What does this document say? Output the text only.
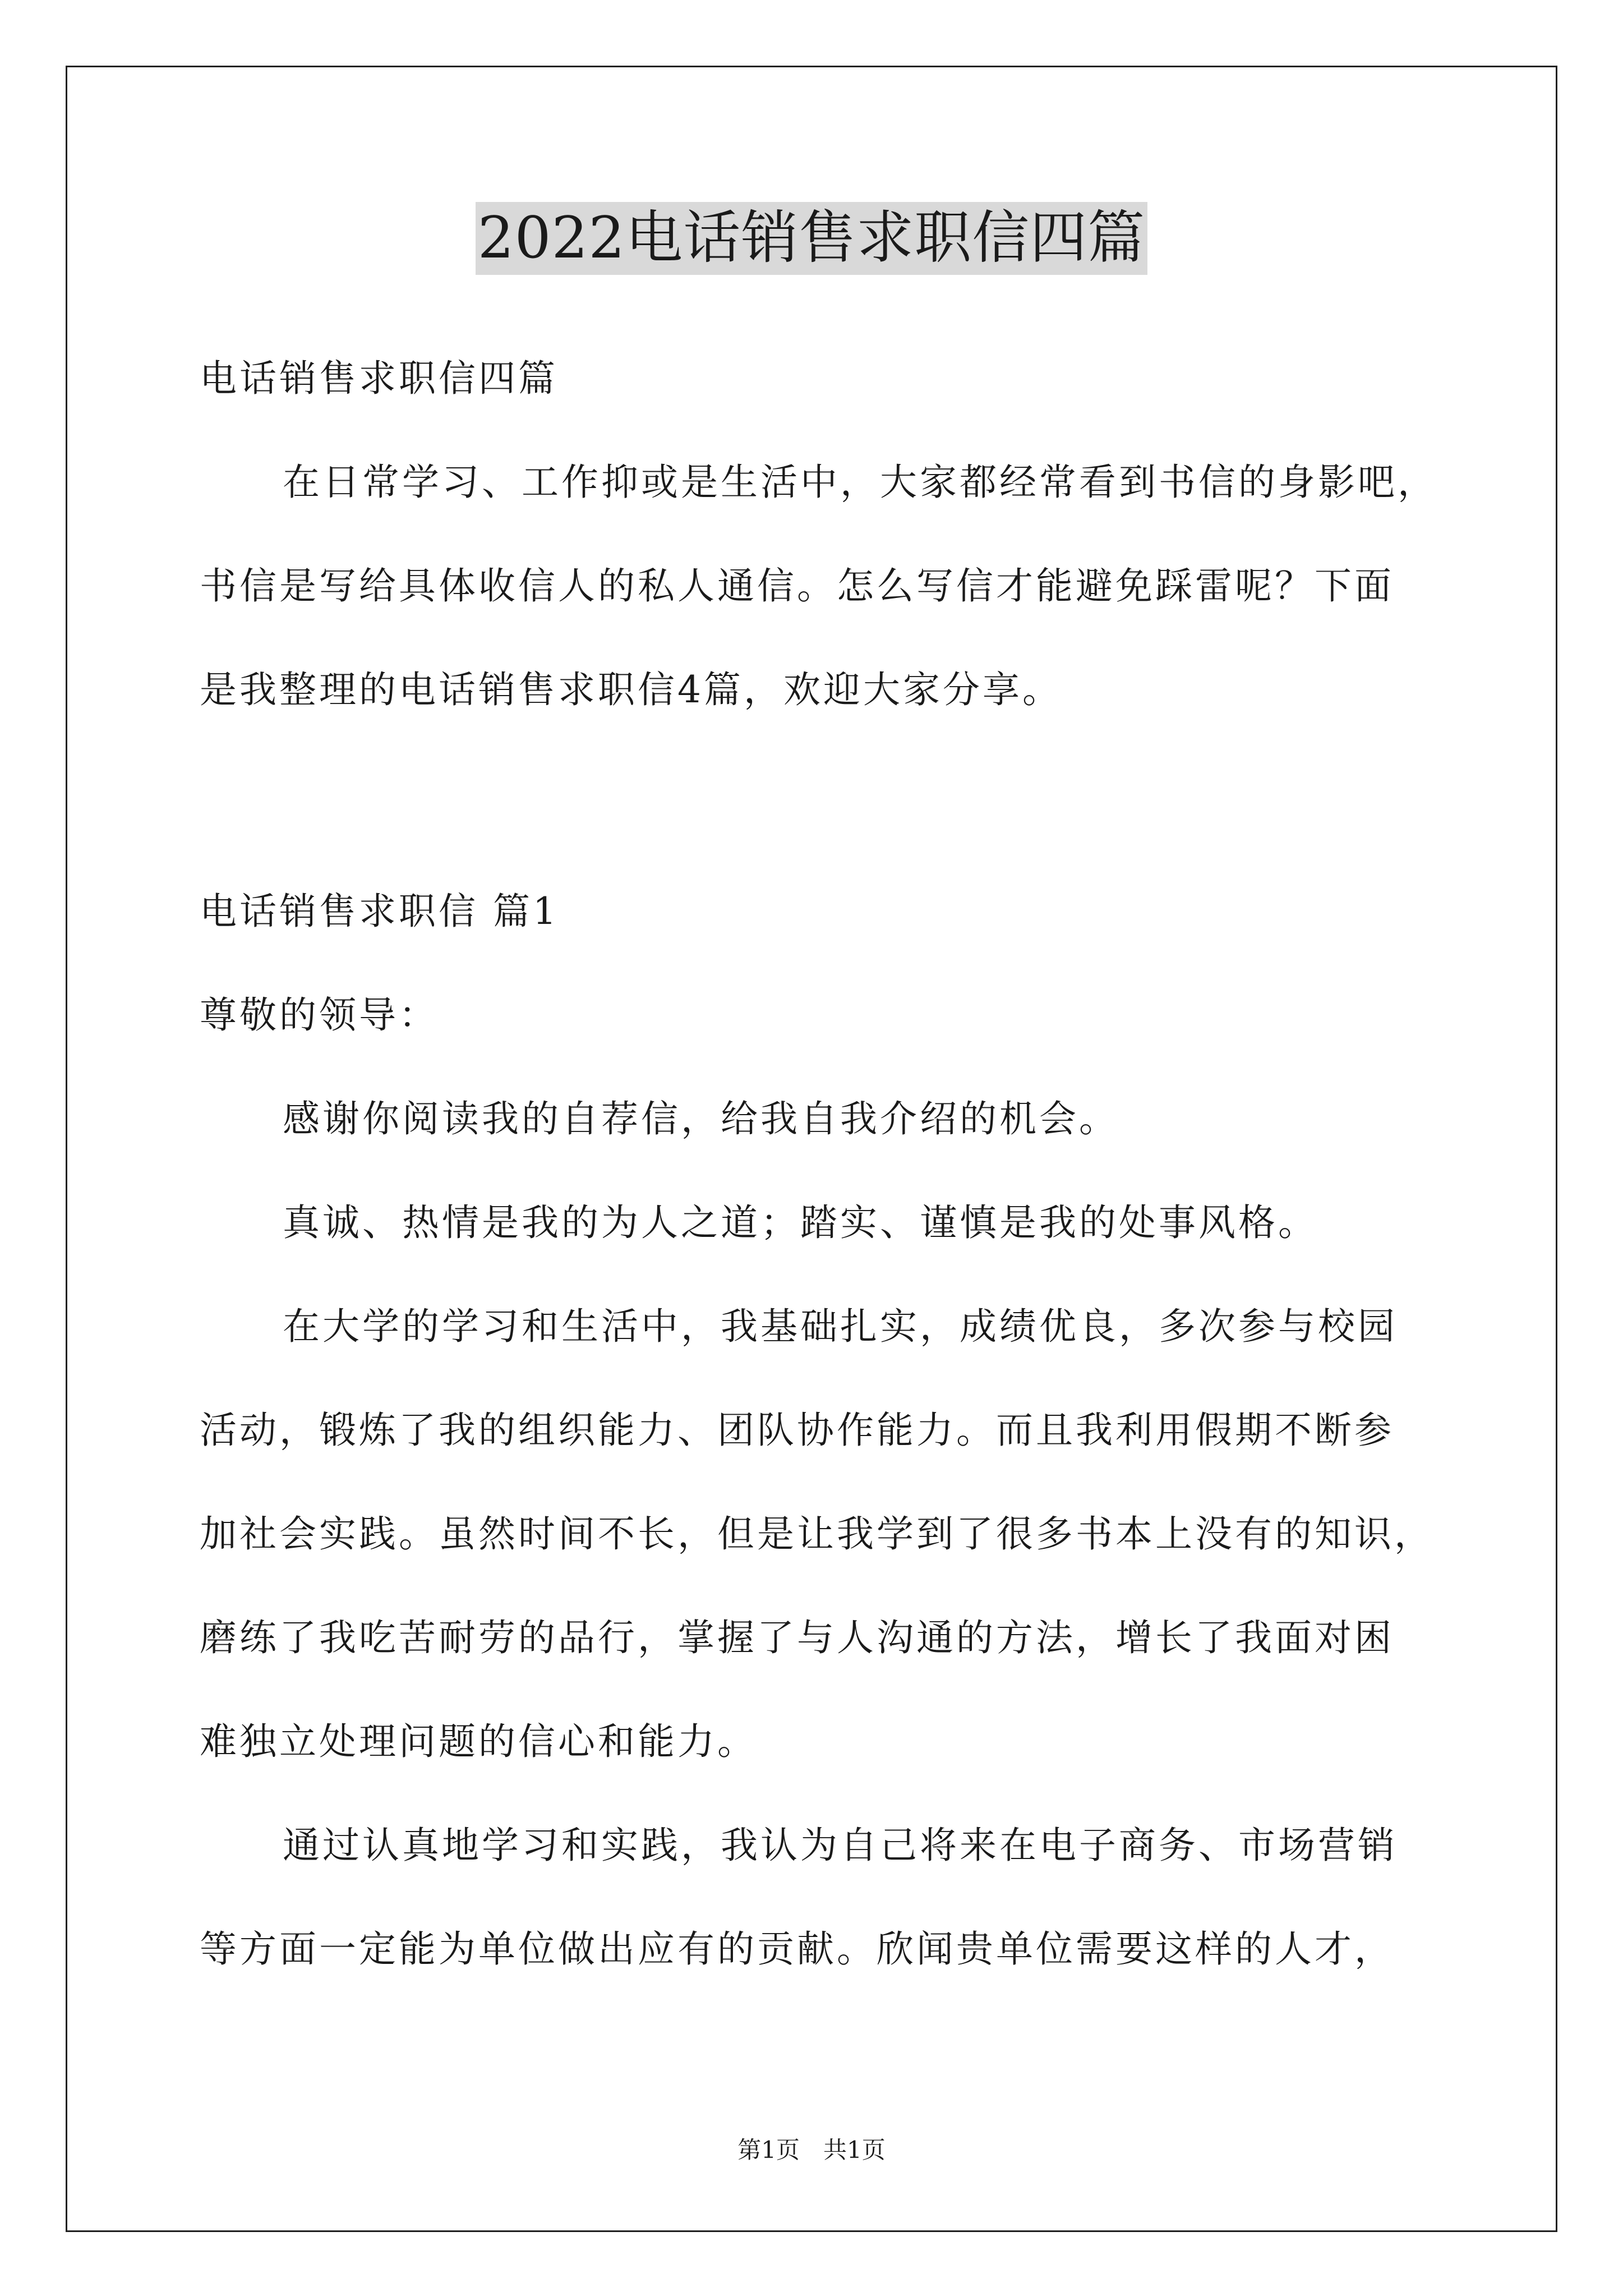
2022电话销售求职信四篇
电话销售求职信四篇
在日常学习、工作抑或是生活中，大家都经常看到书信的身影吧，
书信是写给具体收信人的私人通信。怎么写信才能避免踩雷呢？下面
是我整理的电话销售求职信4篇，欢迎大家分享。
电话销售求职信 篇1
尊敬的领导：
感谢你阅读我的自荐信，给我自我介绍的机会。
真诚、热情是我的为人之道；踏实、谨慎是我的处事风格。
在大学的学习和生活中，我基础扎实，成绩优良，多次参与校园
活动，锻炼了我的组织能力、团队协作能力。而且我利用假期不断参
加社会实践。虽然时间不长，但是让我学到了很多书本上没有的知识，
磨练了我吃苦耐劳的品行，掌握了与人沟通的方法，增长了我面对困
难独立处理问题的信心和能力。
通过认真地学习和实践，我认为自己将来在电子商务、市场营销
等方面一定能为单位做出应有的贡献。欣闻贵单位需要这样的人才，
第1页　共1页
